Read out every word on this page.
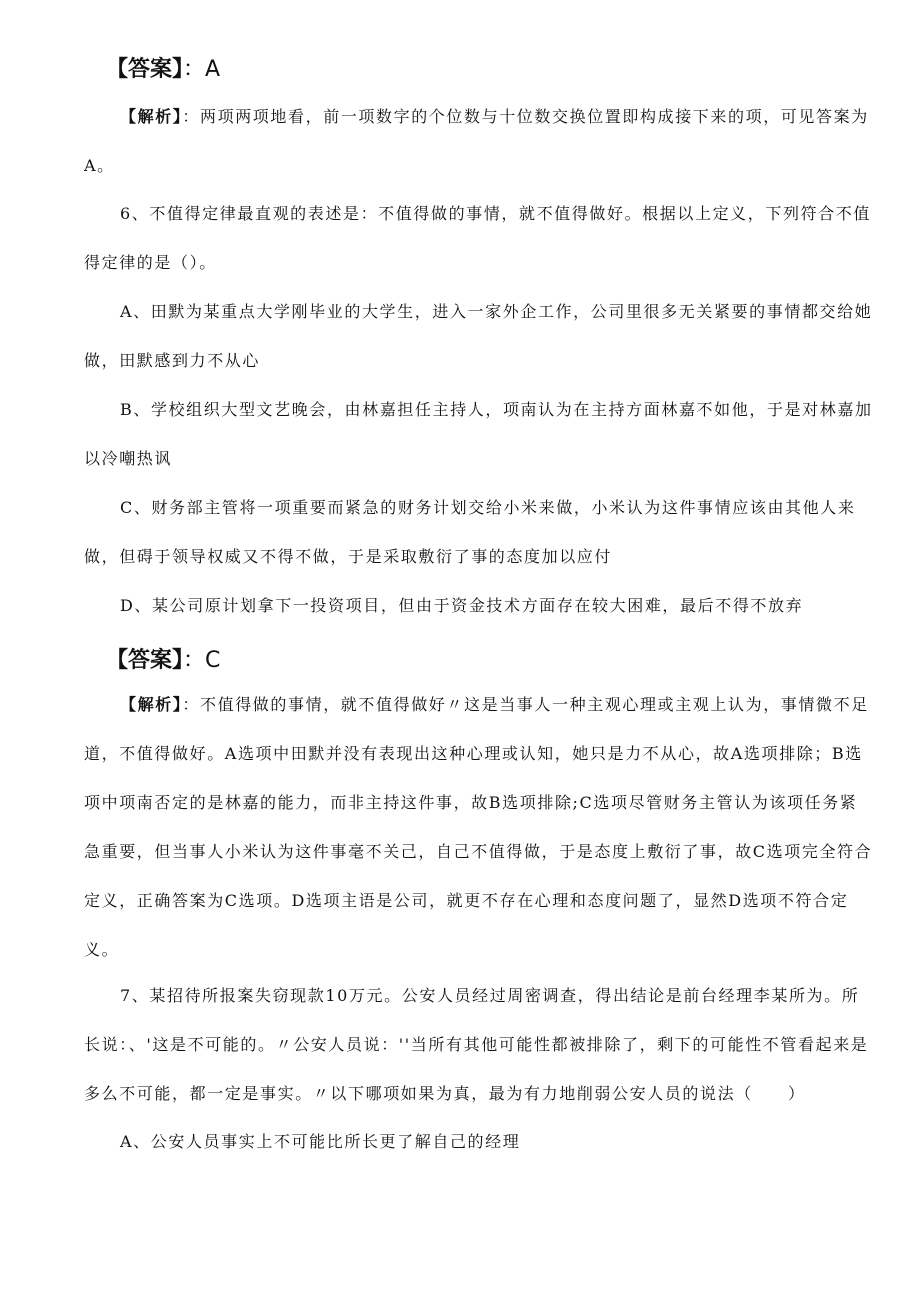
【答案】：A
【解析】：两项两项地看，前一项数字的个位数与十位数交换位置即构成接下来的项，可见答案为A。
6、不值得定律最直观的表述是：不值得做的事情，就不值得做好。根据以上定义，下列符合不值得定律的是（）。
A、田默为某重点大学刚毕业的大学生，进入一家外企工作，公司里很多无关紧要的事情都交给她做，田默感到力不从心
B、学校组织大型文艺晚会，由林嘉担任主持人，项南认为在主持方面林嘉不如他，于是对林嘉加以冷嘲热讽
C、财务部主管将一项重要而紧急的财务计划交给小米来做，小米认为这件事情应该由其他人来做，但碍于领导权威又不得不做，于是采取敷衍了事的态度加以应付
D、某公司原计划拿下一投资项目，但由于资金技术方面存在较大困难，最后不得不放弃
【答案】：C
【解析】：不值得做的事情，就不值得做好〃这是当事人一种主观心理或主观上认为，事情微不足道，不值得做好。A选项中田默并没有表现出这种心理或认知，她只是力不从心，故A选项排除；B选项中项南否定的是林嘉的能力，而非主持这件事，故B选项排除;C选项尽管财务主管认为该项任务紧急重要，但当事人小米认为这件事毫不关己，自己不值得做，于是态度上敷衍了事，故C选项完全符合定义，正确答案为C选项。D选项主语是公司，就更不存在心理和态度问题了，显然D选项不符合定义。
7、某招待所报案失窃现款10万元。公安人员经过周密调查，得出结论是前台经理李某所为。所长说：、'这是不可能的。〃公安人员说：''当所有其他可能性都被排除了，剩下的可能性不管看起来是多么不可能，都一定是事实。〃以下哪项如果为真，最为有力地削弱公安人员的说法（　　）
A、公安人员事实上不可能比所长更了解自己的经理
